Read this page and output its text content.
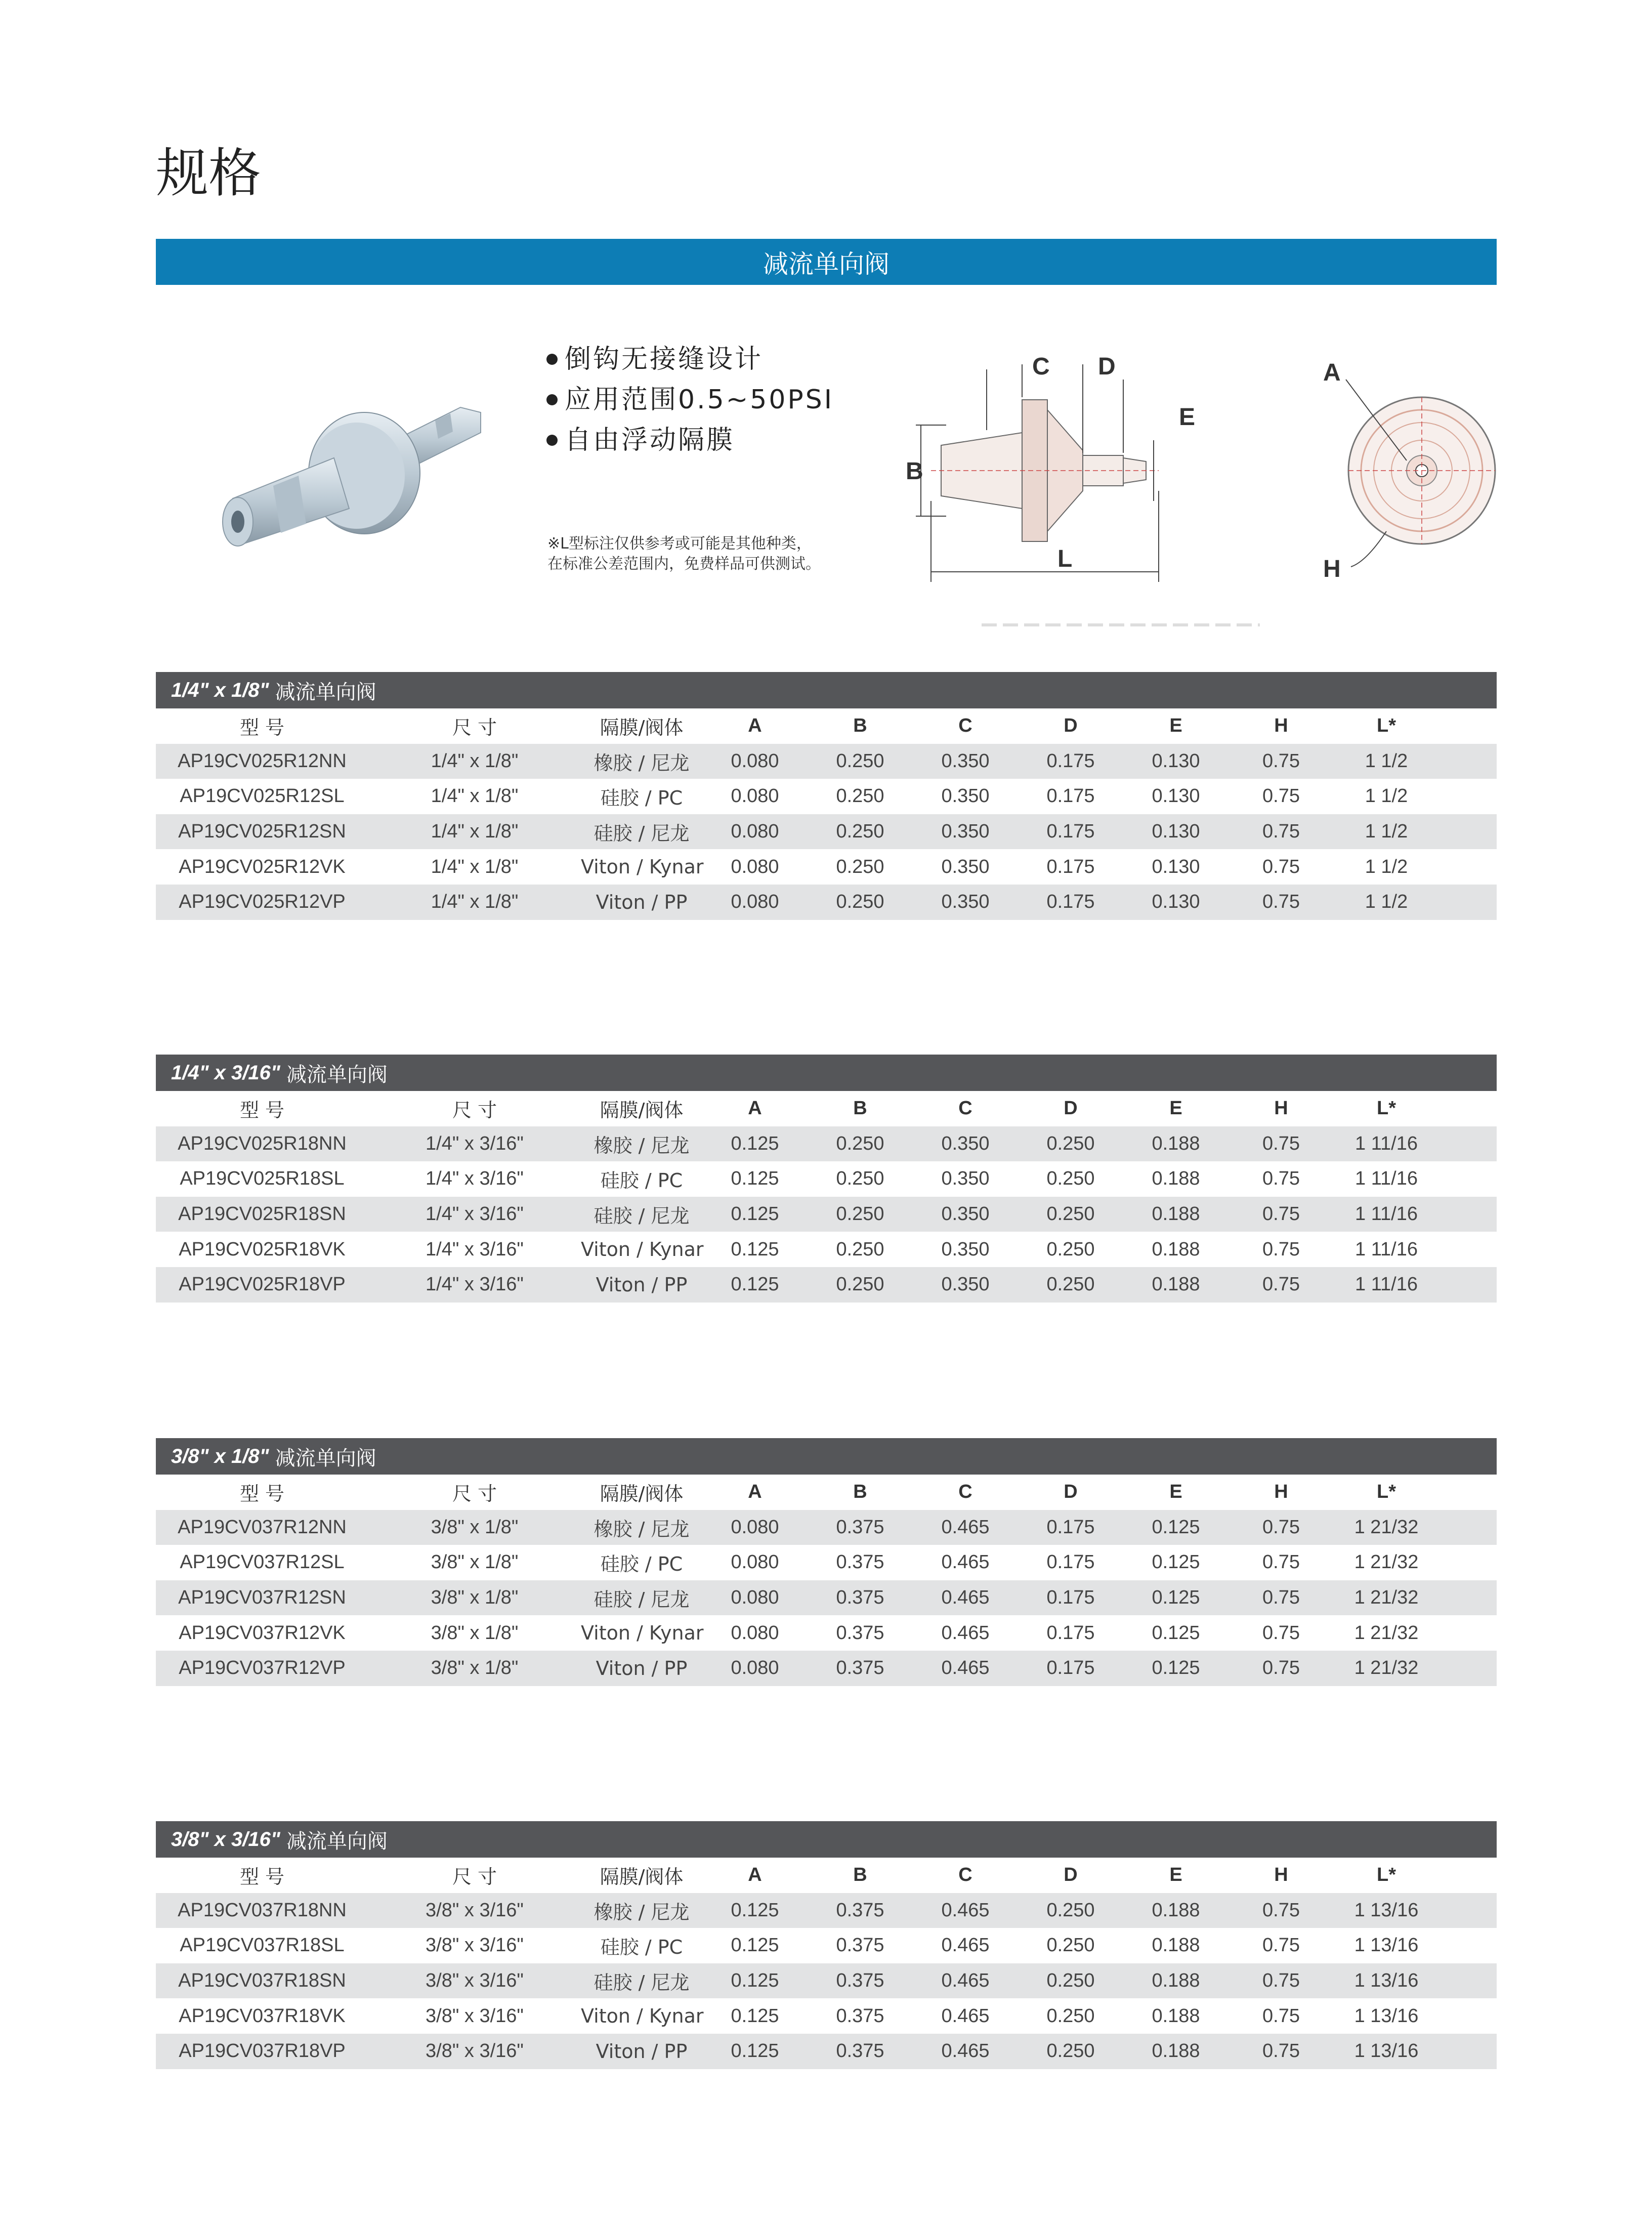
规格
减流单向阀
倒钩无接缝设计
应用范围0.5~50PSI
自由浮动隔膜
※L型标注仅供参考或可能是其他种类，
在标准公差范围内，免费样品可供测试。
C D
E
B
L
A
H
1/4" x 1/8" 减流单向阀
型 号	尺 寸	隔膜/阀体	A	B	C	D	E	H	L*
AP19CV025R12NN	1/4" x 1/8"	橡胶 / 尼龙	0.080	0.250	0.350	0.175	0.130	0.75	1 1/2
AP19CV025R12SL	1/4" x 1/8"	硅胶 / PC	0.080	0.250	0.350	0.175	0.130	0.75	1 1/2
AP19CV025R12SN	1/4" x 1/8"	硅胶 / 尼龙	0.080	0.250	0.350	0.175	0.130	0.75	1 1/2
AP19CV025R12VK	1/4" x 1/8"	Viton / Kynar	0.080	0.250	0.350	0.175	0.130	0.75	1 1/2
AP19CV025R12VP	1/4" x 1/8"	Viton / PP	0.080	0.250	0.350	0.175	0.130	0.75	1 1/2
1/4" x 3/16" 减流单向阀
型 号	尺 寸	隔膜/阀体	A	B	C	D	E	H	L*
AP19CV025R18NN	1/4" x 3/16"	橡胶 / 尼龙	0.125	0.250	0.350	0.250	0.188	0.75	1 11/16
AP19CV025R18SL	1/4" x 3/16"	硅胶 / PC	0.125	0.250	0.350	0.250	0.188	0.75	1 11/16
AP19CV025R18SN	1/4" x 3/16"	硅胶 / 尼龙	0.125	0.250	0.350	0.250	0.188	0.75	1 11/16
AP19CV025R18VK	1/4" x 3/16"	Viton / Kynar	0.125	0.250	0.350	0.250	0.188	0.75	1 11/16
AP19CV025R18VP	1/4" x 3/16"	Viton / PP	0.125	0.250	0.350	0.250	0.188	0.75	1 11/16
3/8" x 1/8" 减流单向阀
型 号	尺 寸	隔膜/阀体	A	B	C	D	E	H	L*
AP19CV037R12NN	3/8" x 1/8"	橡胶 / 尼龙	0.080	0.375	0.465	0.175	0.125	0.75	1 21/32
AP19CV037R12SL	3/8" x 1/8"	硅胶 / PC	0.080	0.375	0.465	0.175	0.125	0.75	1 21/32
AP19CV037R12SN	3/8" x 1/8"	硅胶 / 尼龙	0.080	0.375	0.465	0.175	0.125	0.75	1 21/32
AP19CV037R12VK	3/8" x 1/8"	Viton / Kynar	0.080	0.375	0.465	0.175	0.125	0.75	1 21/32
AP19CV037R12VP	3/8" x 1/8"	Viton / PP	0.080	0.375	0.465	0.175	0.125	0.75	1 21/32
3/8" x 3/16" 减流单向阀
型 号	尺 寸	隔膜/阀体	A	B	C	D	E	H	L*
AP19CV037R18NN	3/8" x 3/16"	橡胶 / 尼龙	0.125	0.375	0.465	0.250	0.188	0.75	1 13/16
AP19CV037R18SL	3/8" x 3/16"	硅胶 / PC	0.125	0.375	0.465	0.250	0.188	0.75	1 13/16
AP19CV037R18SN	3/8" x 3/16"	硅胶 / 尼龙	0.125	0.375	0.465	0.250	0.188	0.75	1 13/16
AP19CV037R18VK	3/8" x 3/16"	Viton / Kynar	0.125	0.375	0.465	0.250	0.188	0.75	1 13/16
AP19CV037R18VP	3/8" x 3/16"	Viton / PP	0.125	0.375	0.465	0.250	0.188	0.75	1 13/16
